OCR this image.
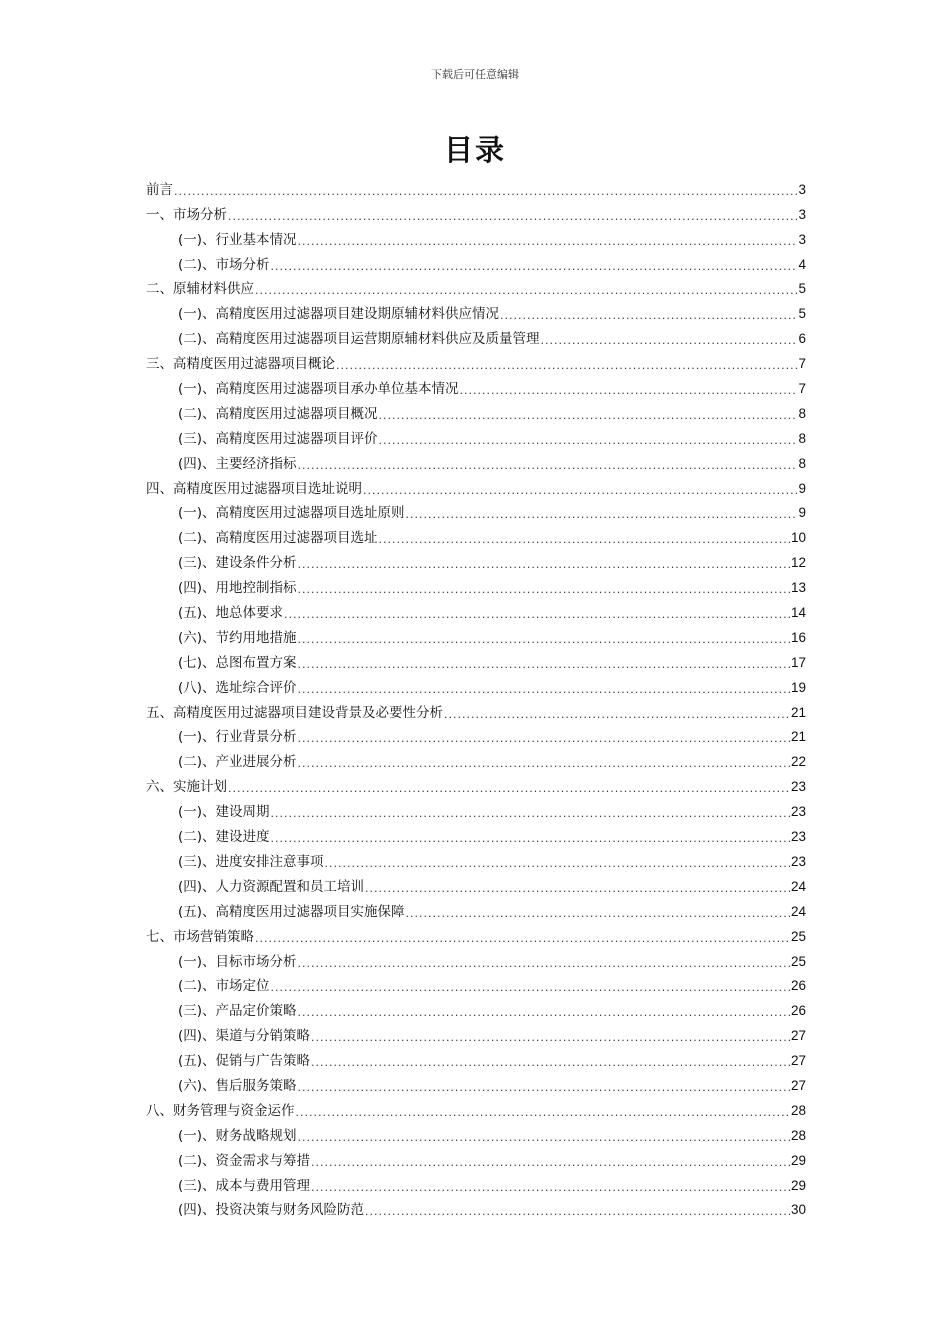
下载后可任意编辑
目录
前言 .....	3
一、市场分析 .....	3
(一)、行业基本情况 .....	3
(二)、市场分析 .....	4
二、原辅材料供应 .....	5
(一)、高精度医用过滤器项目建设期原辅材料供应情况 .....	5
(二)、高精度医用过滤器项目运营期原辅材料供应及质量管理 .....	6
三、高精度医用过滤器项目概论 .....	7
(一)、高精度医用过滤器项目承办单位基本情况 .....	7
(二)、高精度医用过滤器项目概况 .....	8
(三)、高精度医用过滤器项目评价 .....	8
(四)、主要经济指标 .....	8
四、高精度医用过滤器项目选址说明 .....	9
(一)、高精度医用过滤器项目选址原则 .....	9
(二)、高精度医用过滤器项目选址 .....	10
(三)、建设条件分析 .....	12
(四)、用地控制指标 .....	13
(五)、地总体要求 .....	14
(六)、节约用地措施 .....	16
(七)、总图布置方案 .....	17
(八)、选址综合评价 .....	19
五、高精度医用过滤器项目建设背景及必要性分析 .....	21
(一)、行业背景分析 .....	21
(二)、产业进展分析 .....	22
六、实施计划 .....	23
(一)、建设周期 .....	23
(二)、建设进度 .....	23
(三)、进度安排注意事项 .....	23
(四)、人力资源配置和员工培训 .....	24
(五)、高精度医用过滤器项目实施保障 .....	24
七、市场营销策略 .....	25
(一)、目标市场分析 .....	25
(二)、市场定位 .....	26
(三)、产品定价策略 .....	26
(四)、渠道与分销策略 .....	27
(五)、促销与广告策略 .....	27
(六)、售后服务策略 .....	27
八、财务管理与资金运作 .....	28
(一)、财务战略规划 .....	28
(二)、资金需求与筹措 .....	29
(三)、成本与费用管理 .....	29
(四)、投资决策与财务风险防范 .....	30
